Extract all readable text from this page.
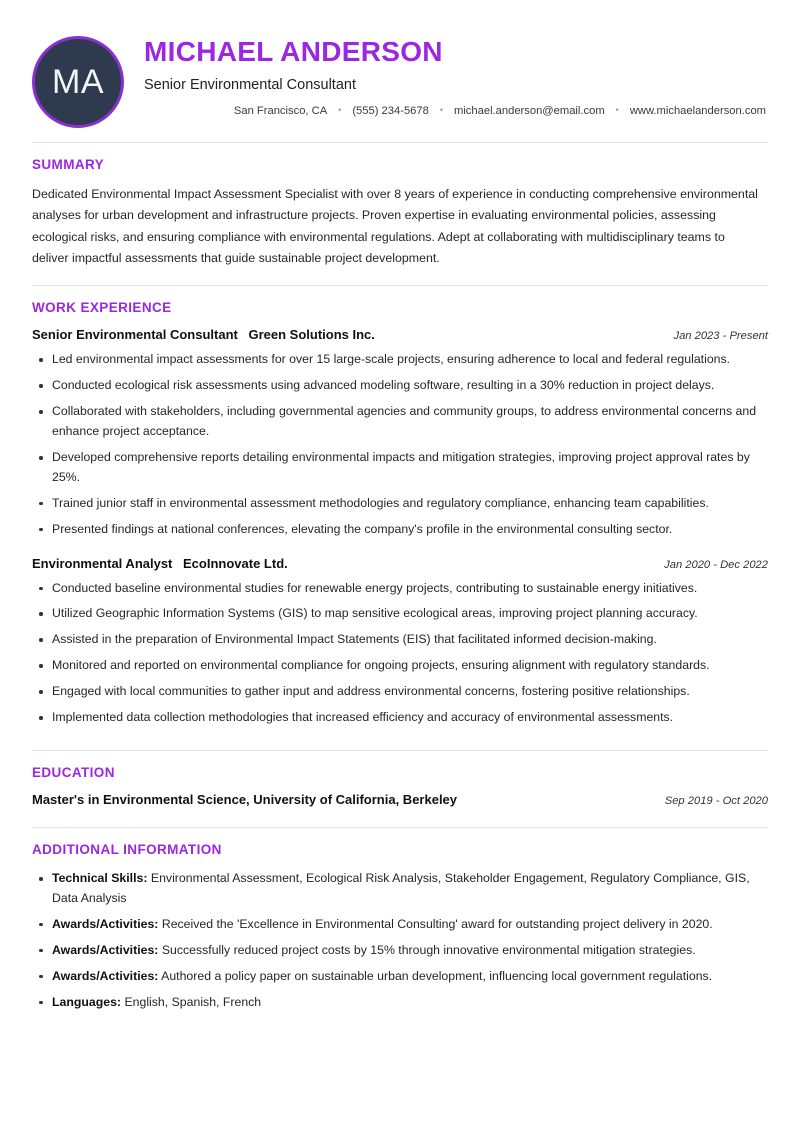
MA
MICHAEL ANDERSON
Senior Environmental Consultant
San Francisco, CA	• (555) 234-5678	• michael.anderson@email.com	• www.michaelanderson.com
SUMMARY
Dedicated Environmental Impact Assessment Specialist with over 8 years of experience in conducting comprehensive environmental analyses for urban development and infrastructure projects. Proven expertise in evaluating environmental policies, assessing ecological risks, and ensuring compliance with environmental regulations. Adept at collaborating with multidisciplinary teams to deliver impactful assessments that guide sustainable project development.
WORK EXPERIENCE
Senior Environmental Consultant Green Solutions Inc.	Jan 2023 - Present
Led environmental impact assessments for over 15 large-scale projects, ensuring adherence to local and federal regulations.
Conducted ecological risk assessments using advanced modeling software, resulting in a 30% reduction in project delays.
Collaborated with stakeholders, including governmental agencies and community groups, to address environmental concerns and enhance project acceptance.
Developed comprehensive reports detailing environmental impacts and mitigation strategies, improving project approval rates by 25%.
Trained junior staff in environmental assessment methodologies and regulatory compliance, enhancing team capabilities.
Presented findings at national conferences, elevating the company's profile in the environmental consulting sector.
Environmental Analyst EcoInnovate Ltd.	Jan 2020 - Dec 2022
Conducted baseline environmental studies for renewable energy projects, contributing to sustainable energy initiatives.
Utilized Geographic Information Systems (GIS) to map sensitive ecological areas, improving project planning accuracy.
Assisted in the preparation of Environmental Impact Statements (EIS) that facilitated informed decision-making.
Monitored and reported on environmental compliance for ongoing projects, ensuring alignment with regulatory standards.
Engaged with local communities to gather input and address environmental concerns, fostering positive relationships.
Implemented data collection methodologies that increased efficiency and accuracy of environmental assessments.
EDUCATION
Master's in Environmental Science, University of California, Berkeley	Sep 2019 - Oct 2020
ADDITIONAL INFORMATION
Technical Skills: Environmental Assessment, Ecological Risk Analysis, Stakeholder Engagement, Regulatory Compliance, GIS, Data Analysis
Awards/Activities: Received the 'Excellence in Environmental Consulting' award for outstanding project delivery in 2020.
Awards/Activities: Successfully reduced project costs by 15% through innovative environmental mitigation strategies.
Awards/Activities: Authored a policy paper on sustainable urban development, influencing local government regulations.
Languages: English, Spanish, French
